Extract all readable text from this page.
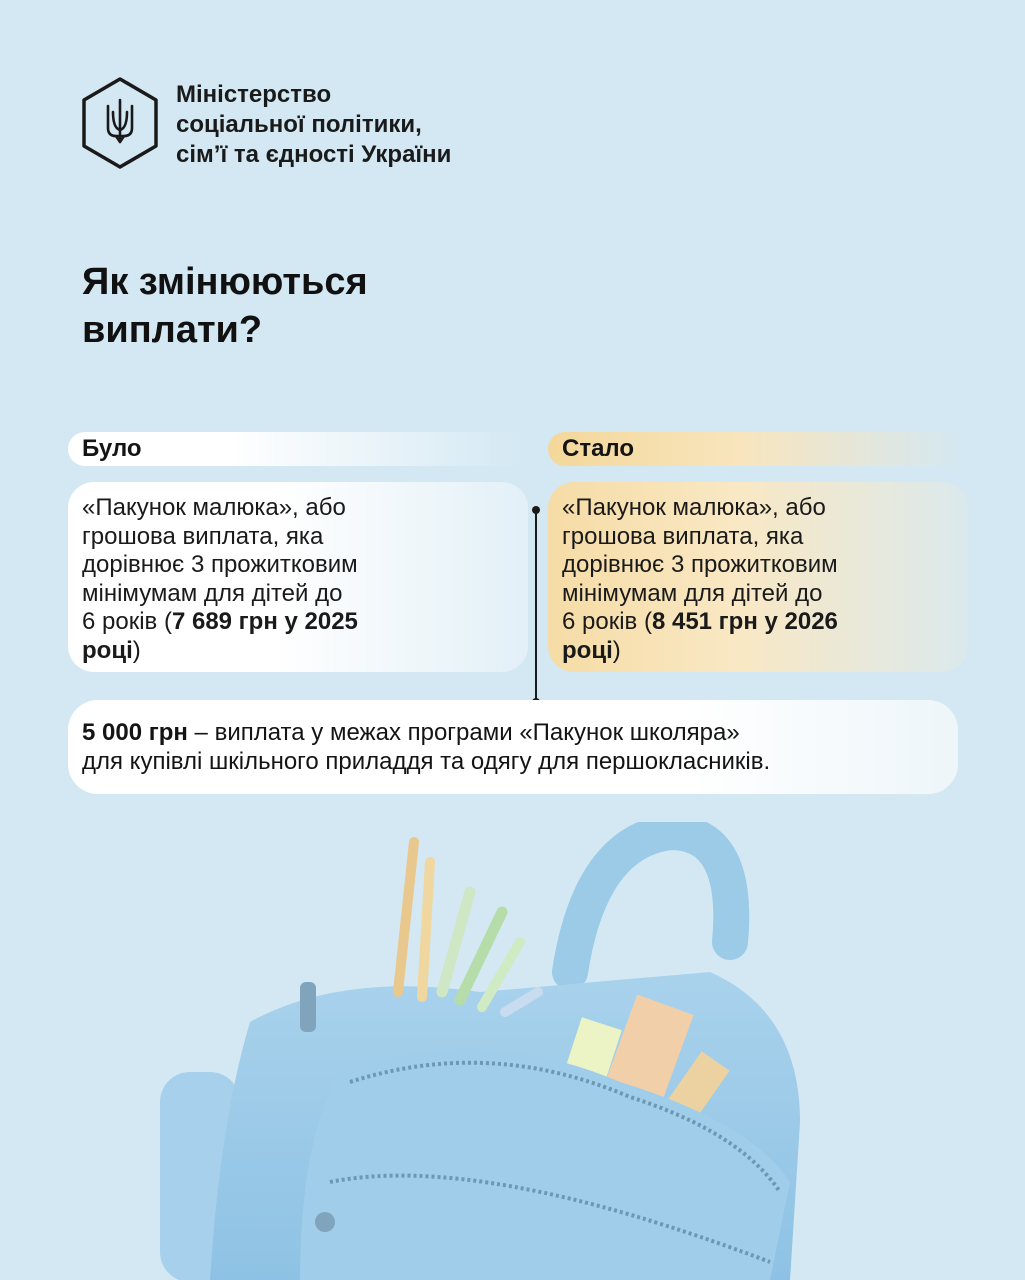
Міністерство
соціальної політики,
сім’ї та єдності України
Як змінюються
виплати?
Було	Стало
«Пакунок малюка», або
грошова виплата, яка
дорівнює 3 прожитковим
мінімумам для дітей до
6 років (7 689 грн у 2025
році)
«Пакунок малюка», або
грошова виплата, яка
дорівнює 3 прожитковим
мінімумам для дітей до
6 років (8 451 грн у 2026
році)
5 000 грн – виплата у межах програми «Пакунок школяра»
для купівлі шкільного приладдя та одягу для першокласників.
